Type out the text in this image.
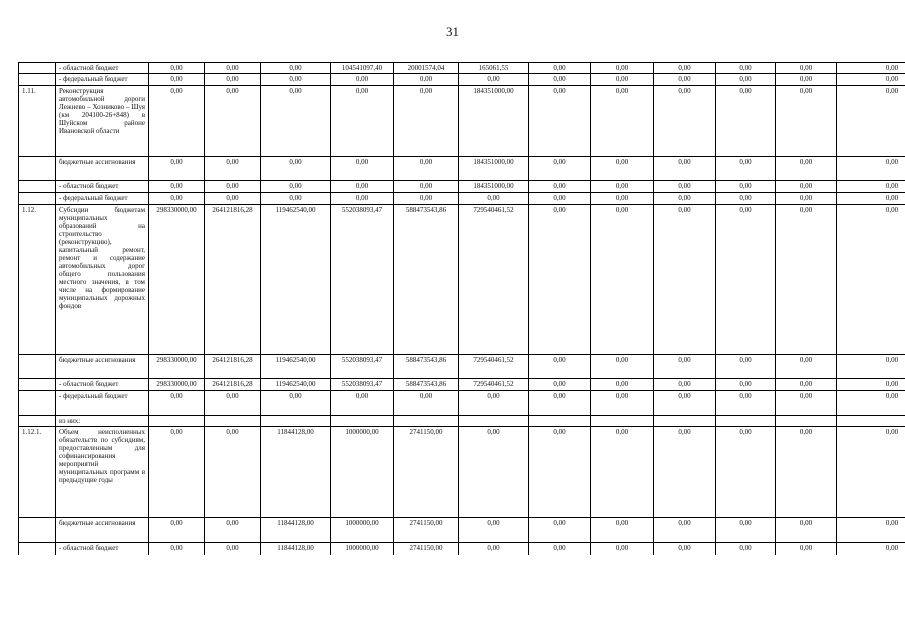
31
	- областной бюджет	0,00	0,00	0,00	104541097,40	20001574,04	165061,55	0,00	0,00	0,00	0,00	0,00	0,00
	- федеральный бюджет	0,00	0,00	0,00	0,00	0,00	0,00	0,00	0,00	0,00	0,00	0,00	0,00
1.11.	Реконструкция автомобильной дороги Лежнево – Хозниково – Шуя (км 204100-26+848) в Шуйском районе Ивановской области	0,00	0,00	0,00	0,00	0,00	184351000,00	0,00	0,00	0,00	0,00	0,00	0,00
	бюджетные ассигнования	0,00	0,00	0,00	0,00	0,00	184351000,00	0,00	0,00	0,00	0,00	0,00	0,00
	- областной бюджет	0,00	0,00	0,00	0,00	0,00	184351000,00	0,00	0,00	0,00	0,00	0,00	0,00
	- федеральный бюджет	0,00	0,00	0,00	0,00	0,00	0,00	0,00	0,00	0,00	0,00	0,00	0,00
1.12.	Субсидии бюджетам муниципальных образований на строительство (реконструкцию), капитальный ремонт, ремонт и содержание автомобильных дорог общего пользования местного значения, в том числе на формирование муниципальных дорожных фондов	298330000,00	264121816,28	119462540,00	552038093,47	588473543,86	729540461,52	0,00	0,00	0,00	0,00	0,00	0,00
	бюджетные ассигнования	298330000,00	264121816,28	119462540,00	552038093,47	588473543,86	729540461,52	0,00	0,00	0,00	0,00	0,00	0,00
	- областной бюджет	298330000,00	264121816,28	119462540,00	552038093,47	588473543,86	729540461,52	0,00	0,00	0,00	0,00	0,00	0,00
	- федеральный бюджет	0,00	0,00	0,00	0,00	0,00	0,00	0,00	0,00	0,00	0,00	0,00	0,00
	из них:												
1.12.1.	Объем неисполненных обязательств по субсидиям, предоставленным для софинансирования мероприятий муниципальных программ в предыдущие годы	0,00	0,00	11844128,00	1000000,00	2741150,00	0,00	0,00	0,00	0,00	0,00	0,00	0,00
	бюджетные ассигнования	0,00	0,00	11844128,00	1000000,00	2741150,00	0,00	0,00	0,00	0,00	0,00	0,00	0,00
	- областной бюджет	0,00	0,00	11844128,00	1000000,00	2741150,00	0,00	0,00	0,00	0,00	0,00	0,00	0,00
